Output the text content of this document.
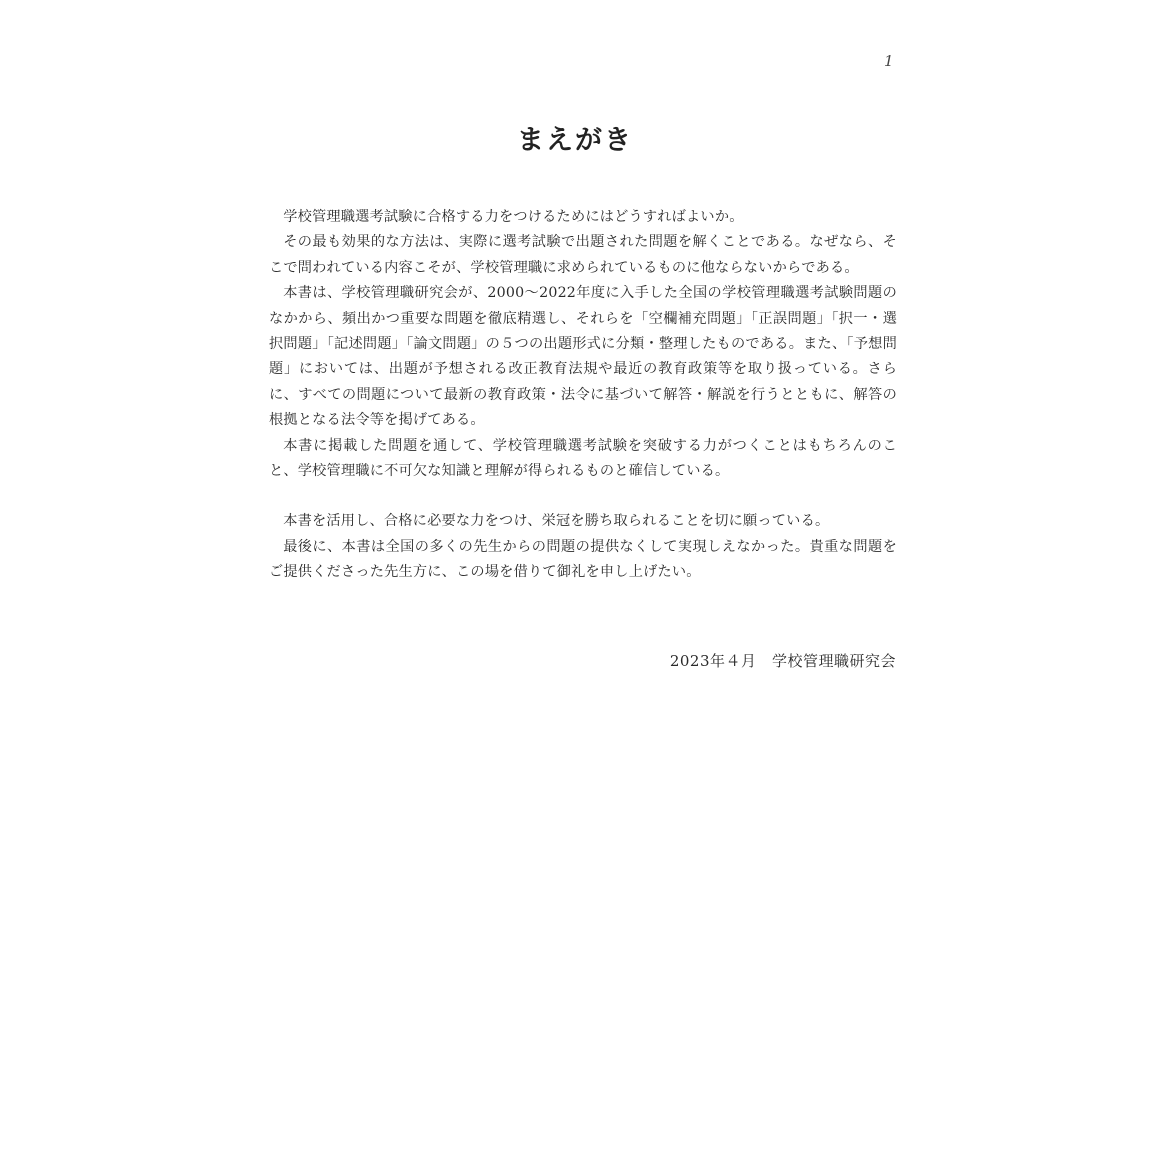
1
まえがき

学校管理職選考試験に合格する力をつけるためにはどうすればよいか。

その最も効果的な方法は、実際に選考試験で出題された問題を解くことである。なぜなら、そこで問われている内容こそが、学校管理職に求められているものに他ならないからである。

本書は、学校管理職研究会が、2000～2022年度に入手した全国の学校管理職選考試験問題のなかから、頻出かつ重要な問題を徹底精選し、それらを「空欄補充問題」「正誤問題」「択一・選択問題」「記述問題」「論文問題」の５つの出題形式に分類・整理したものである。また、「予想問題」においては、出題が予想される改正教育法規や最近の教育政策等を取り扱っている。さらに、すべての問題について最新の教育政策・法令に基づいて解答・解説を行うとともに、解答の根拠となる法令等を掲げてある。

本書に掲載した問題を通して、学校管理職選考試験を突破する力がつくことはもちろんのこと、学校管理職に不可欠な知識と理解が得られるものと確信している。

本書を活用し、合格に必要な力をつけ、栄冠を勝ち取られることを切に願っている。

最後に、本書は全国の多くの先生からの問題の提供なくして実現しえなかった。貴重な問題をご提供くださった先生方に、この場を借りて御礼を申し上げたい。

2023年４月　学校管理職研究会
